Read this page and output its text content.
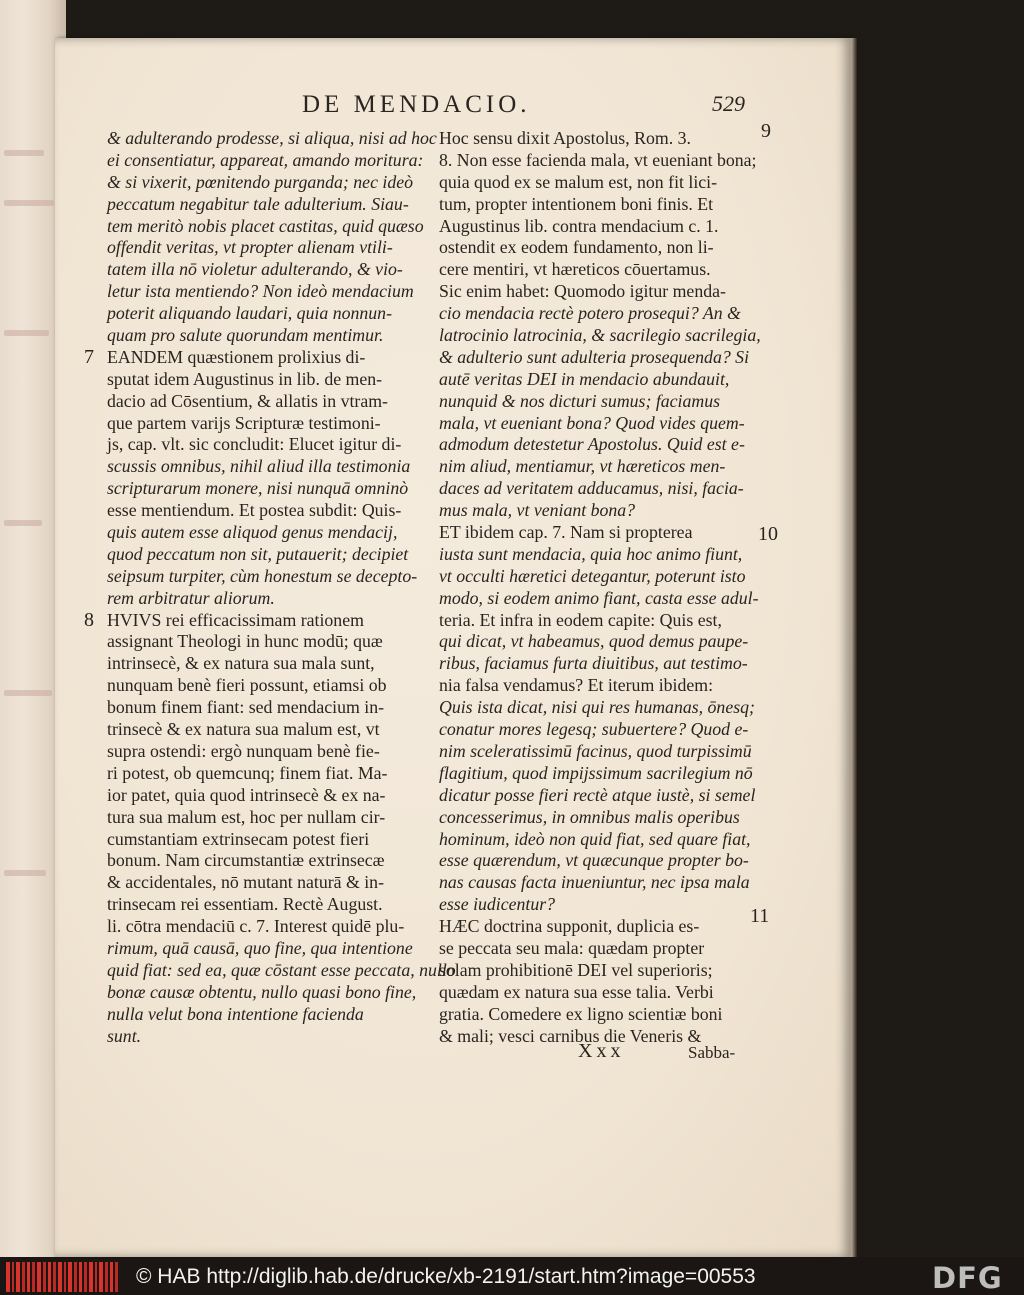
DE MENDACIO.	529
& adulterando prodesse, si aliqua, nisi ad hoc
ei consentiatur, appareat, amando moritura:
& si vixerit, pœnitendo purganda; nec ideò
peccatum negabitur tale adulterium. Siau-
tem meritò nobis placet castitas, quid quæso
offendit veritas, vt propter alienam vtili-
tatem illa nō violetur adulterando, & vio-
letur ista mentiendo? Non ideò mendacium
poterit aliquando laudari, quia nonnun-
quam pro salute quorundam mentimur.
EANDEM quæstionem prolixius di-
sputat idem Augustinus in lib. de men-
dacio ad Cōsentium, & allatis in vtram-
que partem varijs Scripturæ testimoni-
js, cap. vlt. sic concludit: Elucet igitur di-
scussis omnibus, nihil aliud illa testimonia
scripturarum monere, nisi nunquā omninò
esse mentiendum. Et postea subdit: Quis-
quis autem esse aliquod genus mendacij,
quod peccatum non sit, putauerit; decipiet
seipsum turpiter, cùm honestum se decepto-
rem arbitratur aliorum.
HVIVS rei efficacissimam rationem
assignant Theologi in hunc modū; quæ
intrinsecè, & ex natura sua mala sunt,
nunquam benè fieri possunt, etiamsi ob
bonum finem fiant: sed mendacium in-
trinsecè & ex natura sua malum est, vt
supra ostendi: ergò nunquam benè fie-
ri potest, ob quemcunq; finem fiat. Ma-
ior patet, quia quod intrinsecè & ex na-
tura sua malum est, hoc per nullam cir-
cumstantiam extrinsecam potest fieri
bonum. Nam circumstantiæ extrinsecæ
& accidentales, nō mutant naturā & in-
trinsecam rei essentiam. Rectè August.
li. cōtra mendaciū c. 7. Interest quidē plu-
rimum, quā causā, quo fine, qua intentione
quid fiat: sed ea, quæ cōstant esse peccata, nullo
bonæ causæ obtentu, nullo quasi bono fine,
nulla velut bona intentione facienda
sunt.
Hoc sensu dixit Apostolus, Rom. 3.
8. Non esse facienda mala, vt eueniant bona;
quia quod ex se malum est, non fit lici-
tum, propter intentionem boni finis. Et
Augustinus lib. contra mendacium c. 1.
ostendit ex eodem fundamento, non li-
cere mentiri, vt hæreticos cōuertamus.
Sic enim habet: Quomodo igitur menda-
cio mendacia rectè potero prosequi? An &
latrocinio latrocinia, & sacrilegio sacrilegia,
& adulterio sunt adulteria prosequenda? Si
autē veritas DEI in mendacio abundauit,
nunquid & nos dicturi sumus; faciamus
mala, vt eueniant bona? Quod vides quem-
admodum detestetur Apostolus. Quid est e-
nim aliud, mentiamur, vt hæreticos men-
daces ad veritatem adducamus, nisi, facia-
mus mala, vt veniant bona?
ET ibidem cap. 7. Nam si propterea
iusta sunt mendacia, quia hoc animo fiunt,
vt occulti hæretici detegantur, poterunt isto
modo, si eodem animo fiant, casta esse adul-
teria. Et infra in eodem capite: Quis est,
qui dicat, vt habeamus, quod demus paupe-
ribus, faciamus furta diuitibus, aut testimo-
nia falsa vendamus? Et iterum ibidem:
Quis ista dicat, nisi qui res humanas, ōnesq;
conatur mores legesq; subuertere? Quod e-
nim sceleratissimū facinus, quod turpissimū
flagitium, quod impijssimum sacrilegium nō
dicatur posse fieri rectè atque iustè, si semel
concesserimus, in omnibus malis operibus
hominum, ideò non quid fiat, sed quare fiat,
esse quærendum, vt quæcunque propter bo-
nas causas facta inueniuntur, nec ipsa mala
esse iudicentur?
HÆC doctrina supponit, duplicia es-
se peccata seu mala: quædam propter
solam prohibitionē DEI vel superioris;
quædam ex natura sua esse talia. Verbi
gratia. Comedere ex ligno scientiæ boni
& mali; vesci carnibus die Veneris &
7
8
9
10
11
Xxx	Sabba-
© HAB http://diglib.hab.de/drucke/xb-2191/start.htm?image=00553	DFG
